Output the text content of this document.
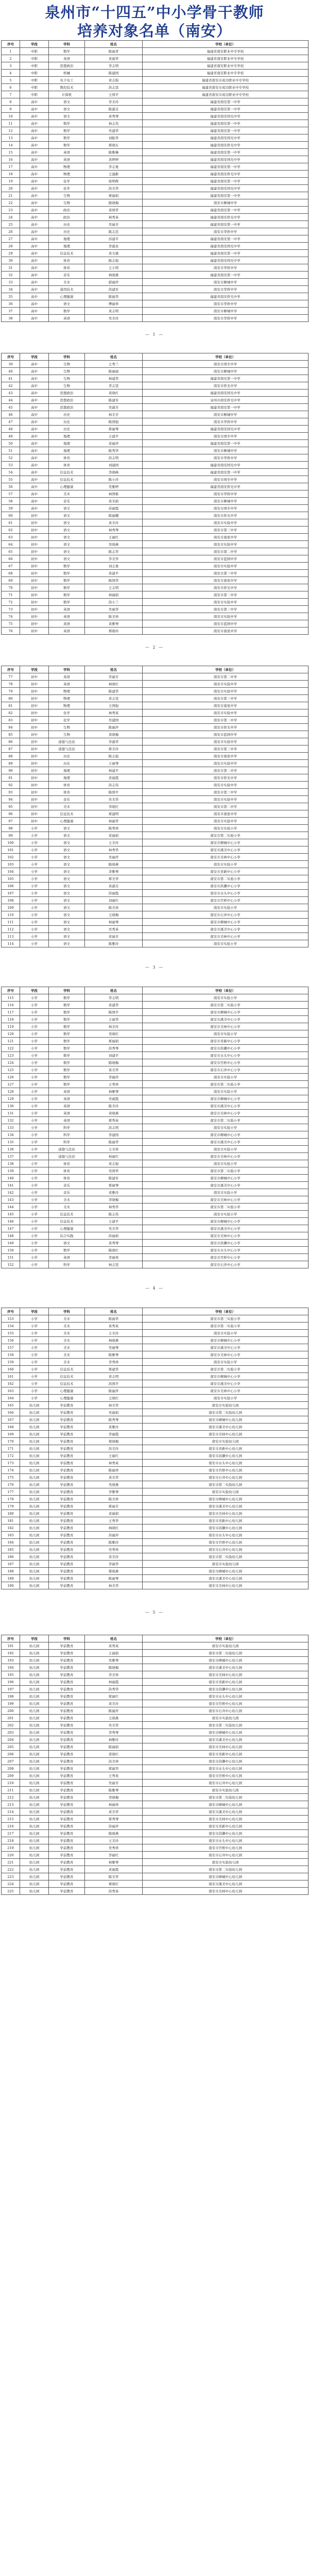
泉州市“十四五”中小学骨干教师
培养对象名单（南安）
序号	学段	学科	姓名	学校（单位）
1	中职	数学	陈丽青	福建省南安职业中专学校
2	中职	英语	黄丽华	福建省南安职业中专学校
3	中职	思想政治	李志明	福建省南安职业中专学校
4	中职	机械	陈建国	福建省南安职业中专学校
5	中职	电子电工	黄志强	福建省南安市成功职业中专学校
6	中职	数控技术	洪志坚	福建省南安市成功职业中专学校
7	中职	计算机	王国平	福建省南安市成功职业中专学校
8	高中	语文	李美玲	福建省南安第一中学
9	高中	语文	陈淑芬	福建省南安第一中学
10	高中	语文	黄秀琴	福建省南安国光中学
11	高中	数学	林志伟	福建省南安第一中学
12	高中	数学	吴建华	福建省南安第一中学
13	高中	数学	刘振华	福建省南安国光中学
14	高中	数学	郑晓东	福建省南安侨光中学
15	高中	英语	陈雅琳	福建省南安第一中学
16	高中	英语	黄婷婷	福建省南安国光中学
17	高中	物理	李志勇	福建省南安第一中学
18	高中	物理	王建新	福建省南安侨光中学
19	高中	化学	张明辉	福建省南安第一中学
20	高中	化学	洪美华	福建省南安国光中学
21	高中	生物	蔡丽娟	福建省南安第一中学
22	高中	生物	陈晓梅	南安市柳城中学
23	高中	政治	黄国华	福建省南安第一中学
24	高中	政治	林秀英	福建省南安侨光中学
25	高中	历史	吴丽芳	福建省南安第一中学
26	高中	历史	陈志忠	南安市华侨中学
27	高中	地理	苏建平	福建省南安第一中学
28	高中	地理	李淑贞	福建省南安国光中学
29	高中	信息技术	黄文斌	福建省南安第一中学
30	高中	体育	陈志强	福建省南安国光中学
31	高中	体育	王小明	南安市华侨中学
32	高中	音乐	林晓燕	福建省南安第一中学
33	高中	美术	郭丽萍	南安市柳城中学
34	高中	通用技术	洪建军	南安市华侨中学
35	高中	心理健康	陈丽华	福建省南安侨光中学
36	高中	语文	傅丽珍	南安市华侨中学
37	高中	数学	黄志明	南安市柳城中学
38	高中	英语	吴美玲	南安市华侨中学
— 1 —
序号	学段	学科	姓名	学校（单位）
39	高中	生物	王秀兰	南安市国专中学
40	高中	生物	陈丽丽	南安市柳城中学
41	高中	生物	林建华	福建省南安第一中学
42	高中	生物	李志坚	南安市侨光中学
43	高中	思想政治	黄晓红	福建省南安国光中学
44	高中	思想政治	陈建军	泉州市南安侨光中学
45	高中	思想政治	吴淑芳	福建省南安第一中学
46	高中	历史	林美芳	南安市柳城中学
47	高中	历史	陈国强	南安市华侨中学
48	高中	历史	郑丽琴	福建省南安国光中学
49	高中	地理	王建平	南安市国专中学
50	高中	地理	黄丽萍	福建省南安第一中学
51	高中	地理	陈秀华	南安市柳城中学
52	高中	体育	洪志明	南安市华侨中学
53	高中	体育	刘建国	福建省南安国光中学
54	高中	信息技术	李晓峰	福建省南安第一中学
55	高中	信息技术	陈小玲	南安市国专中学
56	高中	心理健康	吴雅婷	福建省南安侨光中学
57	高中	美术	林国栋	南安市华侨中学
58	高中	音乐	黄美娟	南安市柳城中学
59	高中	语文	苏丽霞	南安市国专中学
60	初中	语文	陈丽娜	南安市侨光中学
61	初中	语文	黄美玲	南安市实验中学
62	初中	语文	林秀琴	南安市第三中学
63	初中	语文	王丽红	南安市南星中学
64	初中	语文	吴晓燕	南安市实验中学
65	初中	语文	陈志华	南安市第二中学
66	初中	语文	李美华	南安市蓝园中学
67	初中	数学	刘志勇	南安市实验中学
68	初中	数学	黄建平	南安市第三中学
69	初中	数学	陈国华	南安市南星中学
70	初中	数学	王志明	南安市侨光中学
71	初中	数学	林丽娟	南安市第二中学
72	初中	数学	洪小兰	南安市实验中学
73	初中	英语	吴丽华	南安市第三中学
74	初中	英语	陈美珍	南安市实验中学
75	初中	英语	黄雅琴	南安市蓝园中学
76	初中	英语	郑晓玲	南安市南星中学
— 2 —
序号	学段	学科	姓名	学校（单位）
77	初中	英语	李丽芳	南安市第二中学
78	初中	英语	林晓红	南安市实验中学
79	初中	物理	陈建华	南安市实验中学
80	初中	物理	黄志坚	南安市第三中学
81	初中	物理	王国强	南安市南星中学
82	初中	化学	林秀英	南安市实验中学
83	初中	化学	吴建国	南安市第二中学
84	初中	生物	陈丽萍	南安市侨光中学
85	初中	生物	黄晓梅	南安市蓝园中学
86	初中	道德与法治	李淑华	南安市实验中学
87	初中	道德与法治	郑美玲	南安市第三中学
88	初中	历史	陈志强	南安市南星中学
89	初中	历史	王丽琴	南安市实验中学
90	初中	地理	林建平	南安市第二中学
91	初中	地理	黄丽霞	南安市侨光中学
92	初中	体育	洪志伟	南安市实验中学
93	初中	体育	陈国平	南安市第三中学
94	初中	音乐	吴美华	南安市实验中学
95	初中	美术	李晓红	南安市第二中学
96	初中	信息技术	郑建明	南安市南星中学
97	初中	心理健康	林丽华	南安市实验中学
98	小学	语文	陈秀珍	南安市实验小学
99	小学	语文	黄丽娟	南安市第二实验小学
100	小学	语文	王美玲	南安市柳城中心小学
101	小学	语文	林秀华	南安市溪美中心小学
102	小学	语文	吴丽萍	南安市美林中心小学
103	小学	语文	陈晓燕	南安市实验小学
104	小学	语文	李雅琴	南安市省新中心小学
105	小学	语文	郑美华	南安市第二实验小学
106	小学	语文	黄淑芬	南安市洪濑中心小学
107	小学	语文	洪丽霞	南安市水头中心小学
108	小学	语文	刘丽红	南安市官桥中心小学
109	小学	语文	陈美珍	南安市实验小学
110	小学	语文	王晓梅	南安市石井中心小学
111	小学	语文	林丽琴	南安市柳城中心小学
112	小学	语文	吴秀英	南安市溪美中心小学
113	小学	语文	黄丽芳	南安市美林中心小学
114	小学	语文	陈雅玲	南安市实验小学
— 3 —
序号	学段	学科	姓名	学校（单位）
115	小学	数学	李志明	南安市实验小学
116	小学	数学	黄建华	南安市第二实验小学
117	小学	数学	陈国平	南安市柳城中心小学
118	小学	数学	王丽华	南安市溪美中心小学
119	小学	数学	林美玲	南安市美林中心小学
120	小学	数学	吴晓红	南安市实验小学
121	小学	数学	郑丽娟	南安市省新中心小学
122	小学	数学	洪秀琴	南安市洪濑中心小学
123	小学	数学	刘建平	南安市水头中心小学
124	小学	数学	陈晓梅	南安市官桥中心小学
125	小学	数学	黄美华	南安市石井中心小学
126	小学	数学	李丽萍	南安市实验小学
127	小学	数学	王秀珍	南安市第二实验小学
128	小学	英语	林雅琴	南安市实验小学
129	小学	英语	吴丽霞	南安市柳城中心小学
130	小学	英语	陈美玲	南安市溪美中心小学
131	小学	英语	黄晓燕	南安市美林中心小学
132	小学	英语	郑秀英	南安市第二实验小学
133	小学	科学	洪志明	南安市实验小学
134	小学	科学	李建国	南安市柳城中心小学
135	小学	科学	陈丽华	南安市溪美中心小学
136	小学	道德与法治	王美珍	南安市实验小学
137	小学	道德与法治	林丽红	南安市美林中心小学
138	小学	体育	黄志强	南安市实验小学
139	小学	体育	吴国华	南安市第二实验小学
140	小学	体育	陈建军	南安市柳城中心小学
141	小学	音乐	郑丽琴	南安市溪美中心小学
142	小学	音乐	黄雅玲	南安市实验小学
143	小学	美术	李晓梅	南安市美林中心小学
144	小学	美术	林秀华	南安市第二实验小学
145	小学	信息技术	陈志伟	南安市实验小学
146	小学	信息技术	王建平	南安市柳城中心小学
147	小学	心理健康	吴美华	南安市溪美中心小学
148	小学	综合实践	洪丽娟	南安市美林中心小学
149	小学	语文	黄秀琴	南安市洪濑中心小学
150	小学	数学	陈晓红	南安市水头中心小学
151	小学	英语	李丽珍	南安市官桥中心小学
152	小学	科学	林志坚	南安市石井中心小学
— 4 —
序号	学段	学科	姓名	学校（单位）
153	小学	美术	陈丽华	南安市第三实验小学
154	小学	美术	黄秀英	南安市第二实验小学
155	小学	美术	王美玲	南安市实验小学
156	小学	美术	林晓燕	南安市柳城中心小学
157	小学	美术	吴丽琴	南安市溪美中心小学
158	小学	美术	陈雅琴	南安市美林中心小学
159	小学	美术	李秀珍	南安市实验小学
160	小学	信息技术	郑建华	南安市第二实验小学
161	小学	信息技术	黄志明	南安市柳城中心小学
162	小学	信息技术	洪国平	南安市溪美中心小学
163	小学	心理健康	陈丽萍	南安市美林中心小学
164	小学	心理健康	王晓红	南安市实验小学
165	幼儿园	学前教育	林美华	南安市实验幼儿园
166	幼儿园	学前教育	吴丽娟	南安市第二实验幼儿园
167	幼儿园	学前教育	陈秀琴	南安市柳城中心幼儿园
168	幼儿园	学前教育	黄雅玲	南安市溪美中心幼儿园
169	幼儿园	学前教育	李丽霞	南安市美林中心幼儿园
170	幼儿园	学前教育	郑晓梅	南安市实验幼儿园
171	幼儿园	学前教育	洪美玲	南安市省新中心幼儿园
172	幼儿园	学前教育	王丽红	南安市洪濑中心幼儿园
173	幼儿园	学前教育	林秀英	南安市水头中心幼儿园
174	幼儿园	学前教育	陈丽珍	南安市官桥中心幼儿园
175	幼儿园	学前教育	黄美华	南安市石井中心幼儿园
176	幼儿园	学前教育	吴晓燕	南安市第二实验幼儿园
177	幼儿园	学前教育	李雅琴	南安市实验幼儿园
178	幼儿园	学前教育	陈美珍	南安市柳城中心幼儿园
179	幼儿园	学前教育	郑丽芳	南安市溪美中心幼儿园
180	幼儿园	学前教育	黄丽娟	南安市美林中心幼儿园
181	幼儿园	学前教育	王秀华	南安市省新中心幼儿园
182	幼儿园	学前教育	林晓红	南安市洪濑中心幼儿园
183	幼儿园	学前教育	洪丽萍	南安市水头中心幼儿园
184	幼儿园	学前教育	陈雅玲	南安市官桥中心幼儿园
185	幼儿园	学前教育	吴秀珍	南安市石井中心幼儿园
186	幼儿园	学前教育	黄美玲	南安市第二实验幼儿园
187	幼儿园	学前教育	李丽华	南安市实验幼儿园
188	幼儿园	学前教育	郑晓燕	南安市柳城中心幼儿园
189	幼儿园	学前教育	陈丽琴	南安市溪美中心幼儿园
190	幼儿园	学前教育	林美华	南安市美林中心幼儿园
— 5 —
序号	学段	学科	姓名	学校（单位）
191	幼儿园	学前教育	黄秀英	南安市实验幼儿园
192	幼儿园	学前教育	王丽娟	南安市第二实验幼儿园
193	幼儿园	学前教育	吴雅琴	南安市柳城中心幼儿园
194	幼儿园	学前教育	陈晓梅	南安市溪美中心幼儿园
195	幼儿园	学前教育	李美珍	南安市美林中心幼儿园
196	幼儿园	学前教育	林丽霞	南安市省新中心幼儿园
197	幼儿园	学前教育	洪秀华	南安市洪濑中心幼儿园
198	幼儿园	学前教育	郑丽红	南安市水头中心幼儿园
199	幼儿园	学前教育	黄美玲	南安市官桥中心幼儿园
200	幼儿园	学前教育	陈丽萍	南安市石井中心幼儿园
201	幼儿园	学前教育	王晓燕	南安市实验幼儿园
202	幼儿园	学前教育	吴美华	南安市第二实验幼儿园
203	幼儿园	学前教育	李秀琴	南安市柳城中心幼儿园
204	幼儿园	学前教育	林雅玲	南安市溪美中心幼儿园
205	幼儿园	学前教育	陈丽娟	南安市美林中心幼儿园
206	幼儿园	学前教育	黄晓红	南安市省新中心幼儿园
207	幼儿园	学前教育	洪美珍	南安市洪濑中心幼儿园
208	幼儿园	学前教育	郑丽华	南安市水头中心幼儿园
209	幼儿园	学前教育	王秀英	南安市官桥中心幼儿园
210	幼儿园	学前教育	吴丽芳	南安市石井中心幼儿园
211	幼儿园	学前教育	陈雅琴	南安市实验幼儿园
212	幼儿园	学前教育	李晓梅	南安市第二实验幼儿园
213	幼儿园	学前教育	林丽珍	南安市柳城中心幼儿园
214	幼儿园	学前教育	黄美华	南安市溪美中心幼儿园
215	幼儿园	学前教育	郑秀琴	南安市美林中心幼儿园
216	幼儿园	学前教育	洪丽萍	南安市省新中心幼儿园
217	幼儿园	学前教育	陈晓燕	南安市洪濑中心幼儿园
218	幼儿园	学前教育	王美玲	南安市水头中心幼儿园
219	幼儿园	学前教育	吴秀珍	南安市官桥中心幼儿园
220	幼儿园	学前教育	李丽红	南安市石井中心幼儿园
221	幼儿园	学前教育	林雅琴	南安市实验幼儿园
222	幼儿园	学前教育	黄丽霞	南安市第二实验幼儿园
223	幼儿园	学前教育	陈美华	南安市柳城中心幼儿园
224	幼儿园	学前教育	郑晓红	南安市溪美中心幼儿园
225	幼儿园	学前教育	洪秀英	南安市美林中心幼儿园
